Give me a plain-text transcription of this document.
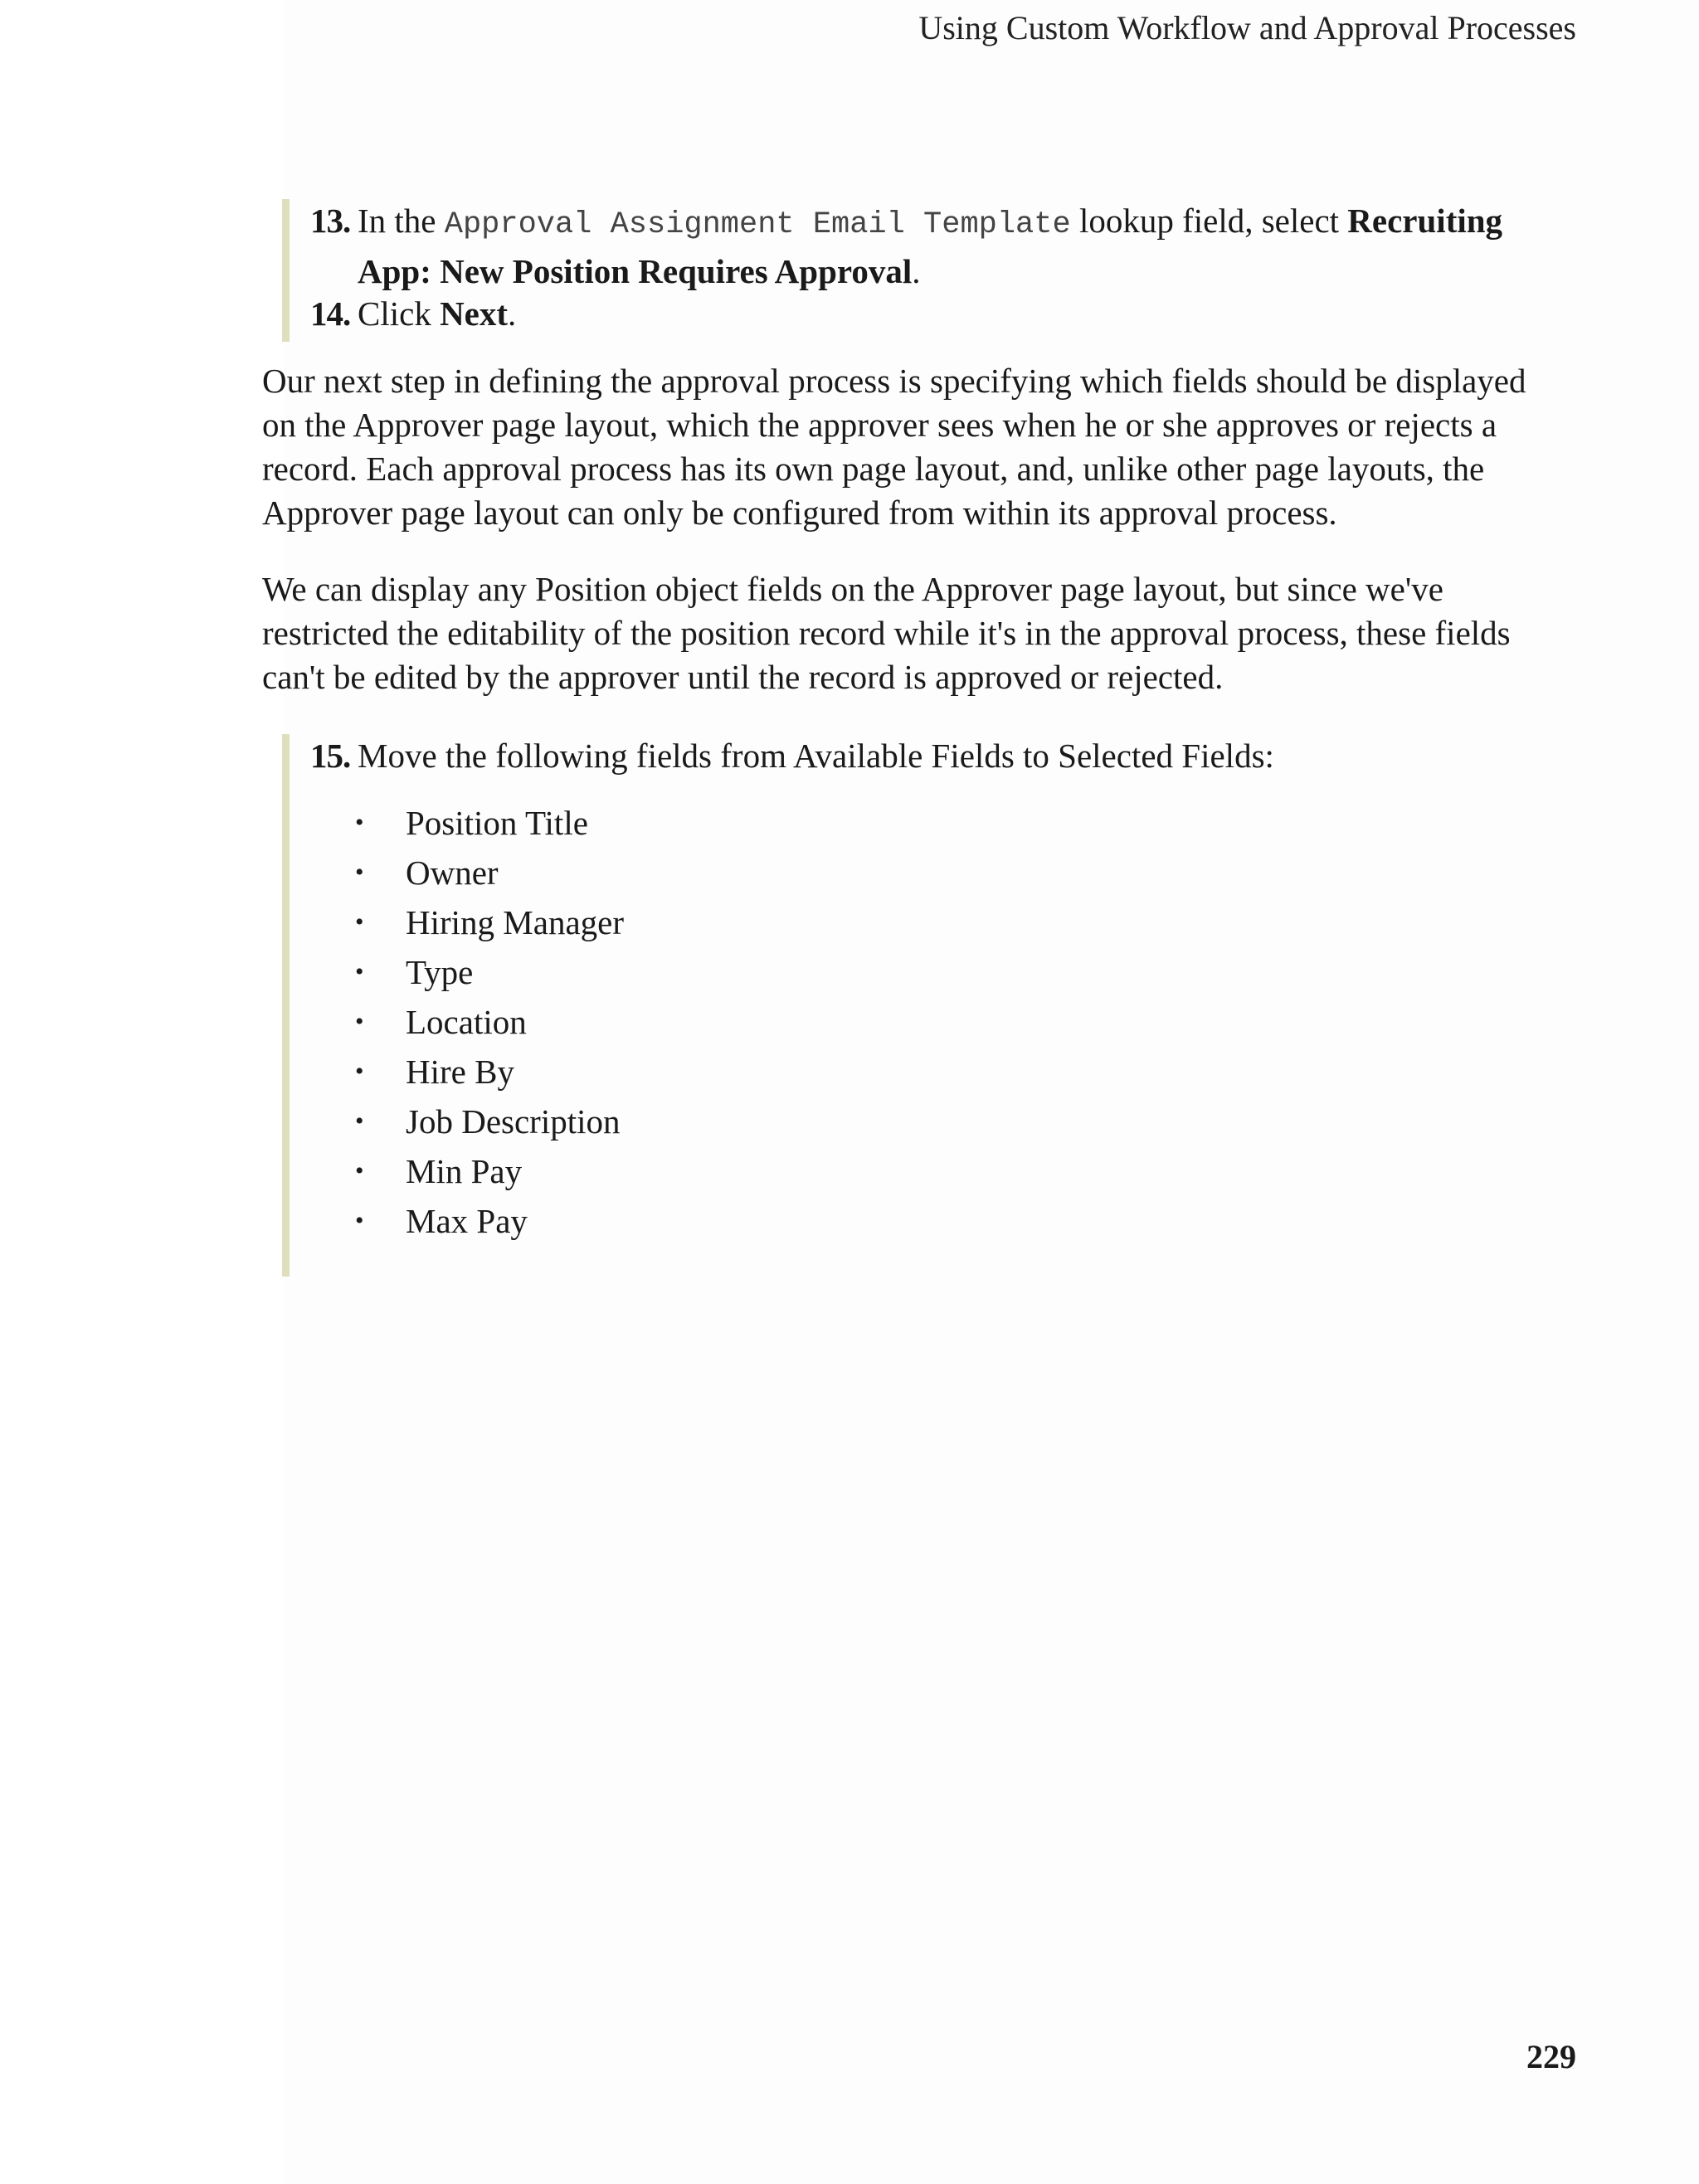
Using Custom Workflow and Approval Processes
13. In the Approval Assignment Email Template lookup field, select Recruiting App: New Position Requires Approval.
14. Click Next.

Our next step in defining the approval process is specifying which fields should be displayed on the Approver page layout, which the approver sees when he or she approves or rejects a record. Each approval process has its own page layout, and, unlike other page layouts, the Approver page layout can only be configured from within its approval process.

We can display any Position object fields on the Approver page layout, but since we've restricted the editability of the position record while it's in the approval process, these fields can't be edited by the approver until the record is approved or rejected.

15. Move the following fields from Available Fields to Selected Fields:
• Position Title
• Owner
• Hiring Manager
• Type
• Location
• Hire By
• Job Description
• Min Pay
• Max Pay
229
